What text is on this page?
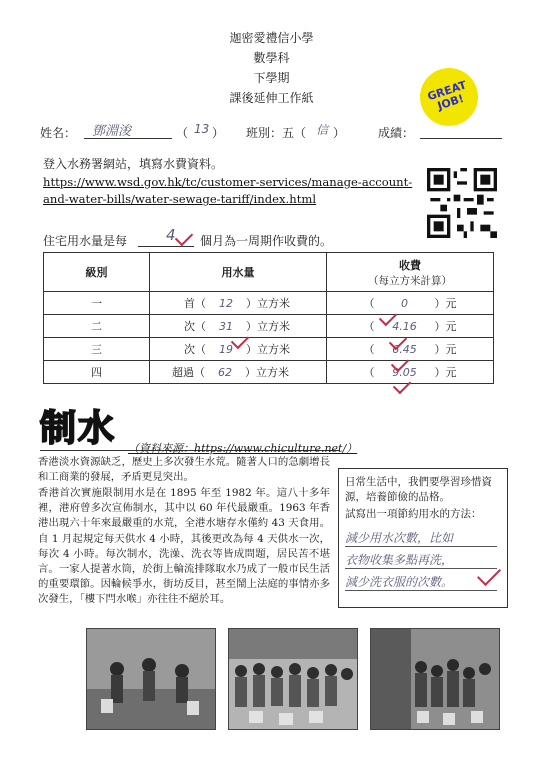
迦密愛禮信小學
數學科
下學期
課後延伸工作紙	GREAT JOB!
姓名： 鄧淵浚	（ 13 ） 班別：五（ 信 ）	成績：
登入水務署網站，填寫水費資料。
https://www.wsd.gov.hk/tc/customer-services/manage-account-and-water-bills/water-sewage-tariff/index.html
住宅用水量是每	4 個月為一周期作收費的。
級別	用水量	收費
（每立方米計算）

一	首（ 12 ）立方米	（ 0 ）元
二	次（ 31 ）立方米	（ 4.16 ）元
三	次（ 19 ）立方米	（ 6.45 ）元
四	超過（ 62 ）立方米	（ 9.05 ）元
制水 （資料來源：https://www.chiculture.net/）
香港淡水資源缺乏，歷史上多次發生水荒。隨著人口的急劇增長和工商業的發展，矛盾更見突出。
香港首次實施限制用水是在 1895 年至 1982 年。這八十多年裡，港府曾多次宣佈制水，其中以 60 年代最嚴重。1963 年香港出現六十年來最嚴重的水荒，全港水塘存水僅約 43 天食用。自 1 月起規定每天供水 4 小時，其後更改為每 4 天供水一次，每次 4 小時。每次制水，洗澡、洗衣等皆成問題，居民苦不堪言。一家人提著水筒，於街上輪流排隊取水乃成了一般市民生活的重要環節。因輪候爭水，街坊反目，甚至鬧上法庭的事情亦多次發生，「樓下閂水喉」亦往往不絕於耳。
日常生活中，我們要學習珍惜資源，培養節儉的品格。
試寫出一項節約用水的方法：
減少用水次數，比如
衣物收集多點再洗，
減少洗衣服的次數。
